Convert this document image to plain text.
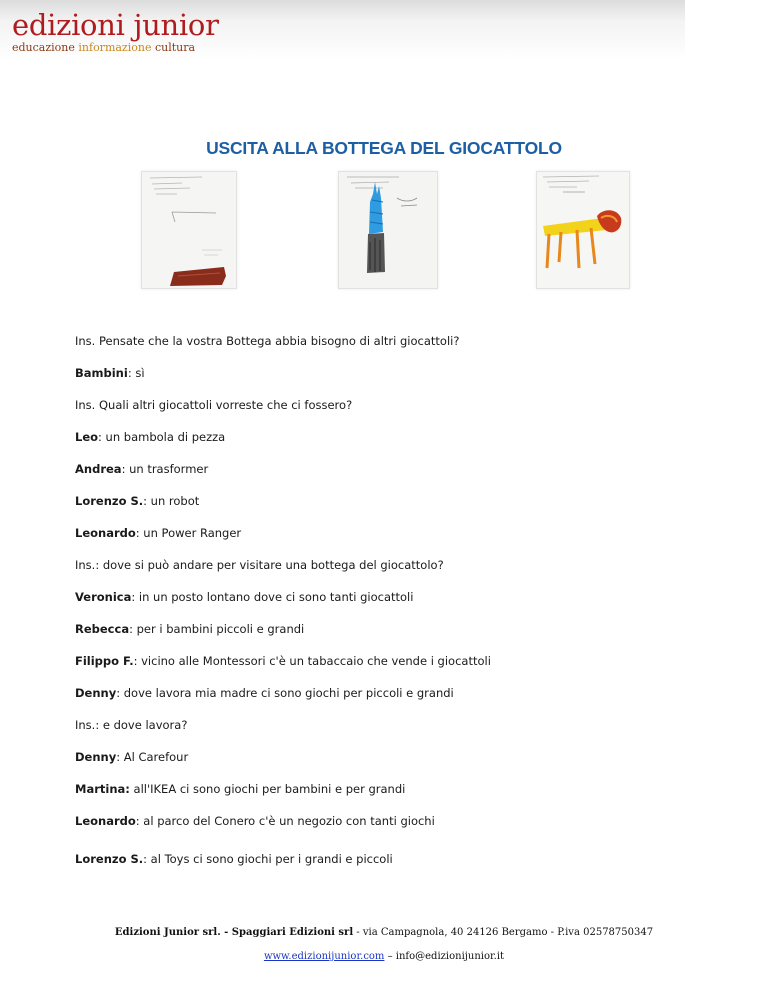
edizioni junior
educazione informazione cultura
USCITA ALLA BOTTEGA DEL GIOCATTOLO
Ins. Pensate che la vostra Bottega abbia bisogno di altri giocattoli?
Bambini: sì
Ins. Quali altri giocattoli vorreste che ci fossero?
Leo: un bambola di pezza
Andrea: un trasformer
Lorenzo S.: un robot
Leonardo: un Power Ranger
Ins.: dove si può andare per visitare una bottega del giocattolo?
Veronica: in un posto lontano dove ci sono tanti giocattoli
Rebecca: per i bambini piccoli e grandi
Filippo F.: vicino alle Montessori c'è un tabaccaio che vende i giocattoli
Denny: dove lavora mia madre ci sono giochi per piccoli e grandi
Ins.: e dove lavora?
Denny: Al Carefour
Martina: all'IKEA ci sono giochi per bambini e per grandi
Leonardo: al parco del Conero c'è un negozio con tanti giochi
Lorenzo S.: al Toys ci sono giochi per i grandi e piccoli
Edizioni Junior srl. - Spaggiari Edizioni srl - via Campagnola, 40 24126 Bergamo - P.iva 02578750347
www.edizionijunior.com – info@edizionijunior.it
